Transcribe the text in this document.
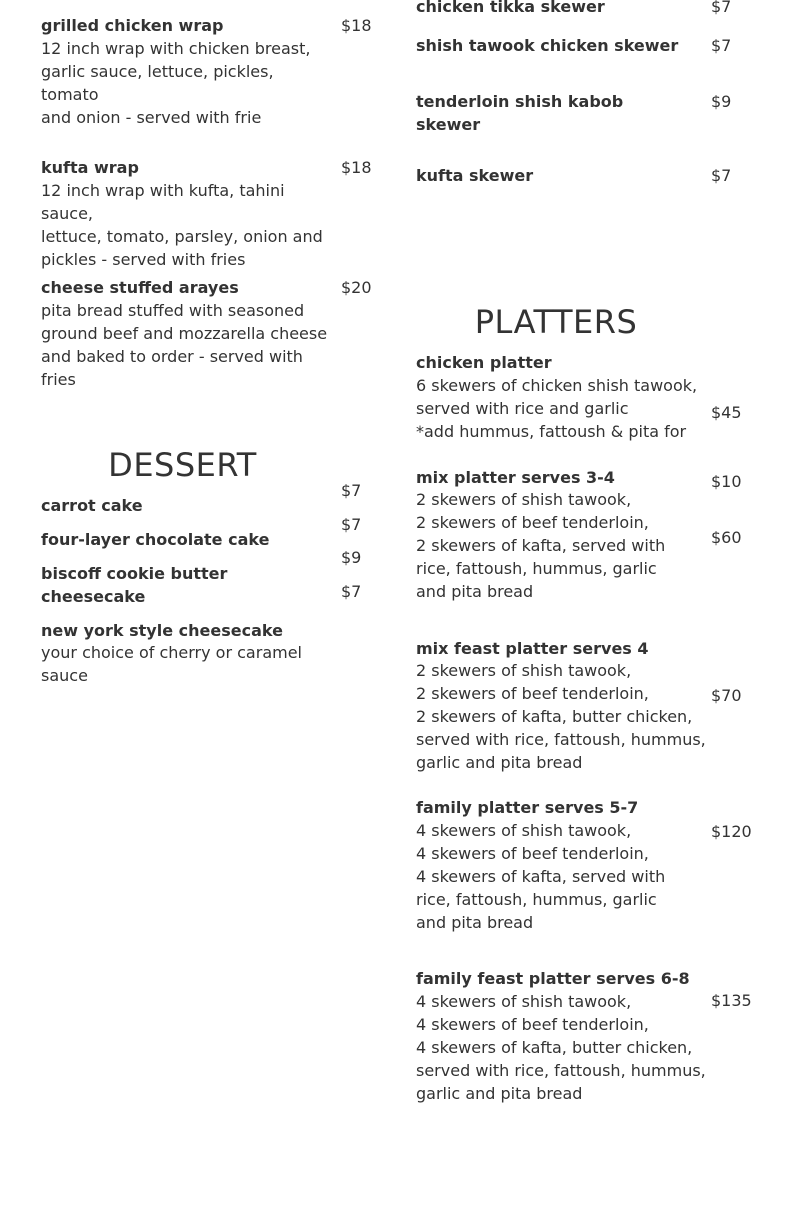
grilled chicken wrap
12 inch wrap with chicken breast,
garlic sauce, lettuce, pickles,
tomato
and onion - served with frie
$18
kufta wrap
12 inch wrap with kufta, tahini sauce,
lettuce, tomato, parsley, onion and
pickles - served with fries
$18
cheese stuffed arayes
pita bread stuffed with seasoned
ground beef and mozzarella cheese
and baked to order - served with
fries
$20
DESSERT
carrot cake
$7
four-layer chocolate cake
$7
biscoff cookie butter
cheesecake
$9
new york style cheesecake
your choice of cherry or caramel
sauce
$7
chicken tikka skewer	$7
shish tawook chicken skewer $7
tenderloin shish kabob
skewer
$9
kufta skewer	$7
PLATTERS
chicken platter
6 skewers of chicken shish tawook,
served with rice and garlic
*add hummus, fattoush & pita for
$45
mix platter serves 3-4
2 skewers of shish tawook,
2 skewers of beef tenderloin,
2 skewers of kafta, served with
rice, fattoush, hummus, garlic
and pita bread
$10
$60
mix feast platter serves 4
2 skewers of shish tawook,
2 skewers of beef tenderloin,
2 skewers of kafta, butter chicken,
served with rice, fattoush, hummus,
garlic and pita bread
$70
family platter serves 5-7
4 skewers of shish tawook,
4 skewers of beef tenderloin,
4 skewers of kafta, served with
rice, fattoush, hummus, garlic
and pita bread
$120
family feast platter serves 6-8
4 skewers of shish tawook,
4 skewers of beef tenderloin,
4 skewers of kafta, butter chicken,
served with rice, fattoush, hummus,
garlic and pita bread
$135
